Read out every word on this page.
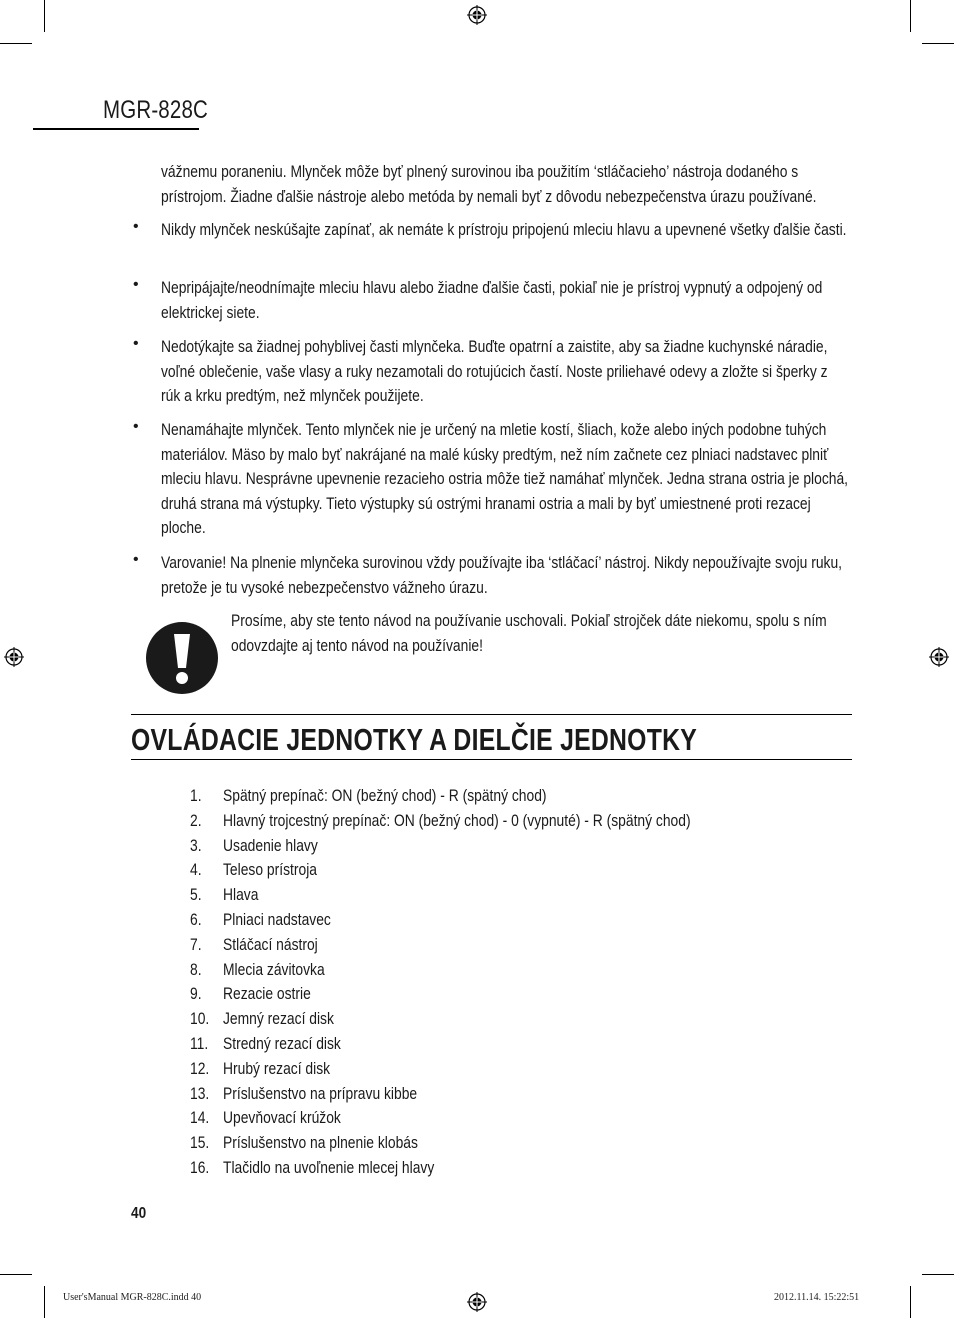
MGR-828C
vážnemu poraneniu. Mlynček môže byť plnený surovinou iba použitím ‘stláčacieho’ nástroja dodaného s prístrojom. Žiadne ďalšie nástroje alebo metóda by nemali byť z dôvodu nebezpečenstva úrazu používané.
• Nikdy mlynček neskúšajte zapínať, ak nemáte k prístroju pripojenú mleciu hlavu a upevnené všetky ďalšie časti.
• Nepripájajte/neodnímajte mleciu hlavu alebo žiadne ďalšie časti, pokiaľ nie je prístroj vypnutý a odpojený od elektrickej siete.
• Nedotýkajte sa žiadnej pohyblivej časti mlynčeka. Buďte opatrní a zaistite, aby sa žiadne kuchynské náradie, voľné oblečenie, vaše vlasy a ruky nezamotali do rotujúcich častí. Noste priliehavé odevy a zložte si šperky z rúk a krku predtým, než mlynček použijete.
• Nenamáhajte mlynček. Tento mlynček nie je určený na mletie kostí, šliach, kože alebo iných podobne tuhých materiálov. Mäso by malo byť nakrájané na malé kúsky predtým, než ním začnete cez plniaci nadstavec plniť mleciu hlavu. Nesprávne upevnenie rezacieho ostria môže tiež namáhať mlynček. Jedna strana ostria je plochá, druhá strana má výstupky. Tieto výstupky sú ostrými hranami ostria a mali by byť umiestnené proti rezacej ploche.
• Varovanie! Na plnenie mlynčeka surovinou vždy používajte iba ‘stláčací’ nástroj. Nikdy nepoužívajte svoju ruku, pretože je tu vysoké nebezpečenstvo vážneho úrazu.
Prosíme, aby ste tento návod na používanie uschovali. Pokiaľ strojček dáte niekomu, spolu s ním odovzdajte aj tento návod na používanie!
OVLÁDACIE JEDNOTKY A DIELČIE JEDNOTKY
1. Spätný prepínač: ON (bežný chod) - R (spätný chod)
2. Hlavný trojcestný prepínač: ON (bežný chod) - 0 (vypnuté) - R (spätný chod)
3. Usadenie hlavy
4. Teleso prístroja
5. Hlava
6. Plniaci nadstavec
7. Stláčací nástroj
8. Mlecia závitovka
9. Rezacie ostrie
10. Jemný rezací disk
11. Stredný rezací disk
12. Hrubý rezací disk
13. Príslušenstvo na prípravu kibbe
14. Upevňovací krúžok
15. Príslušenstvo na plnenie klobás
16. Tlačidlo na uvoľnenie mlecej hlavy
40
User'sManual MGR-828C.indd 40	2012.11.14. 15:22:51
